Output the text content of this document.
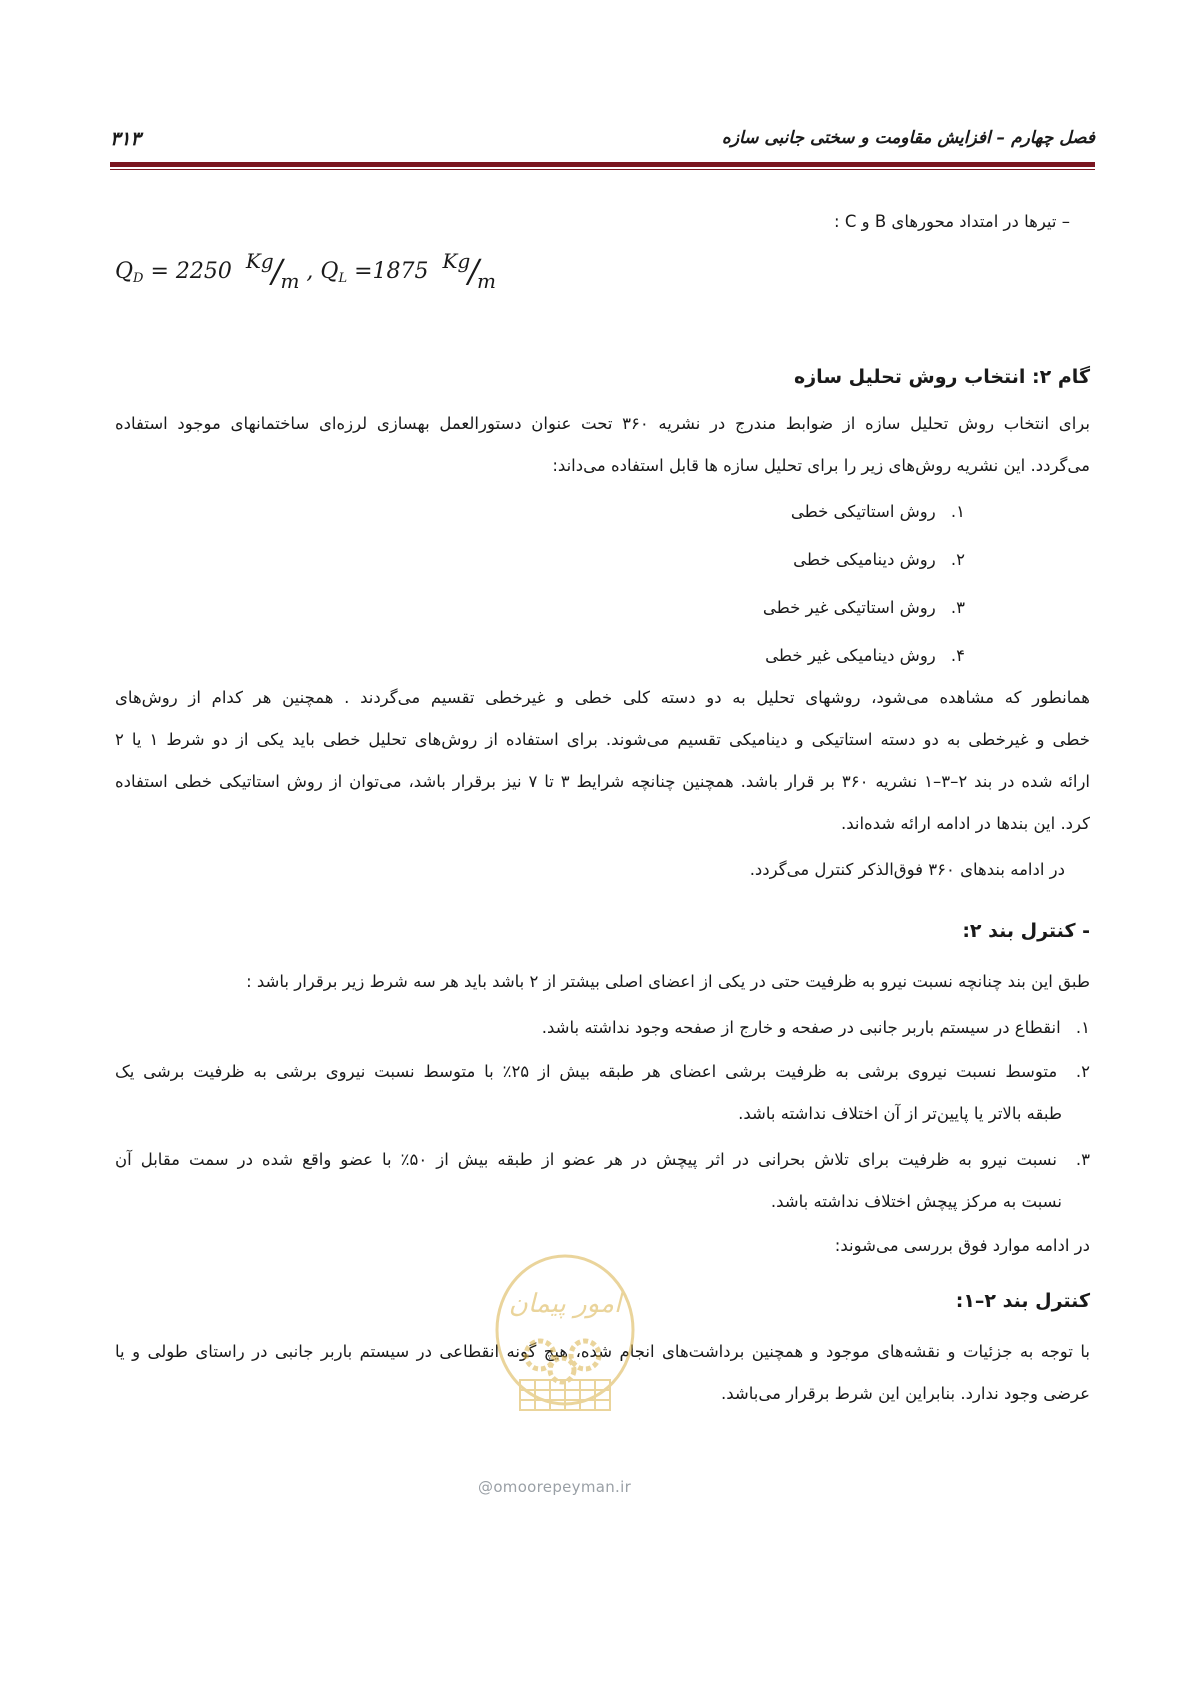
فصل چهارم – افزایش مقاومت و سختی جانبی سازه
۳۱۳
– تیرها در امتداد محورهای B و C :
$Q_D = 2250$ Kg/m , $Q_L =1875$ Kg/m
گام ۲: انتخاب روش تحلیل سازه
برای انتخاب روش تحلیل سازه از ضوابط مندرج در نشریه ۳۶۰ تحت عنوان دستورالعمل بهسازی لرزه‌ای ساختمانهای موجود استفاده
می‌گردد. این نشریه روش‌های زیر را برای تحلیل سازه ها قابل استفاده می‌داند:
۱. روش استاتیکی خطی
۲. روش دینامیکی خطی
۳. روش استاتیکی غیر خطی
۴. روش دینامیکی غیر خطی
همانطور که مشاهده می‌شود، روشهای تحلیل به دو دسته کلی خطی و غیرخطی تقسیم می‌گردند . همچنین هر کدام از روش‌های
خطی و غیرخطی به دو دسته استاتیکی و دینامیکی تقسیم می‌شوند. برای استفاده از روش‌های تحلیل خطی باید یکی از دو شرط ۱ یا ۲
ارائه شده در بند ۲–۳–۱ نشریه ۳۶۰ بر قرار باشد. همچنین چنانچه شرایط ۳ تا ۷ نیز برقرار باشد، می‌توان از روش استاتیکی خطی استفاده
کرد. این بندها در ادامه ارائه شده‌اند.
در ادامه بندهای ۳۶۰ فوق‌الذکر کنترل می‌گردد.
- کنترل بند ۲:
طبق این بند چنانچه نسبت نیرو به ظرفیت حتی در یکی از اعضای اصلی بیشتر از ۲ باشد باید هر سه شرط زیر برقرار باشد :
۱. انقطاع در سیستم باربر جانبی در صفحه و خارج از صفحه وجود نداشته باشد.
۲. متوسط نسبت نیروی برشی به ظرفیت برشی اعضای هر طبقه بیش از ۲۵٪ با متوسط نسبت نیروی برشی به ظرفیت برشی یک
طبقه بالاتر یا پایین‌تر از آن اختلاف نداشته باشد.
۳. نسبت نیرو به ظرفیت برای تلاش بحرانی در اثر پیچش در هر عضو از طبقه بیش از ۵۰٪ با عضو واقع شده در سمت مقابل آن
نسبت به مرکز پیچش اختلاف نداشته باشد.
در ادامه موارد فوق بررسی می‌شوند:
کنترل بند ۲–۱:
با توجه به جزئیات و نقشه‌های موجود و همچنین برداشت‌های انجام شده، هیچ گونه انقطاعی در سیستم باربر جانبی در راستای طولی و یا
عرضی وجود ندارد. بنابراین این شرط برقرار می‌باشد.
امور پیمان
@omoorepeyman.ir
